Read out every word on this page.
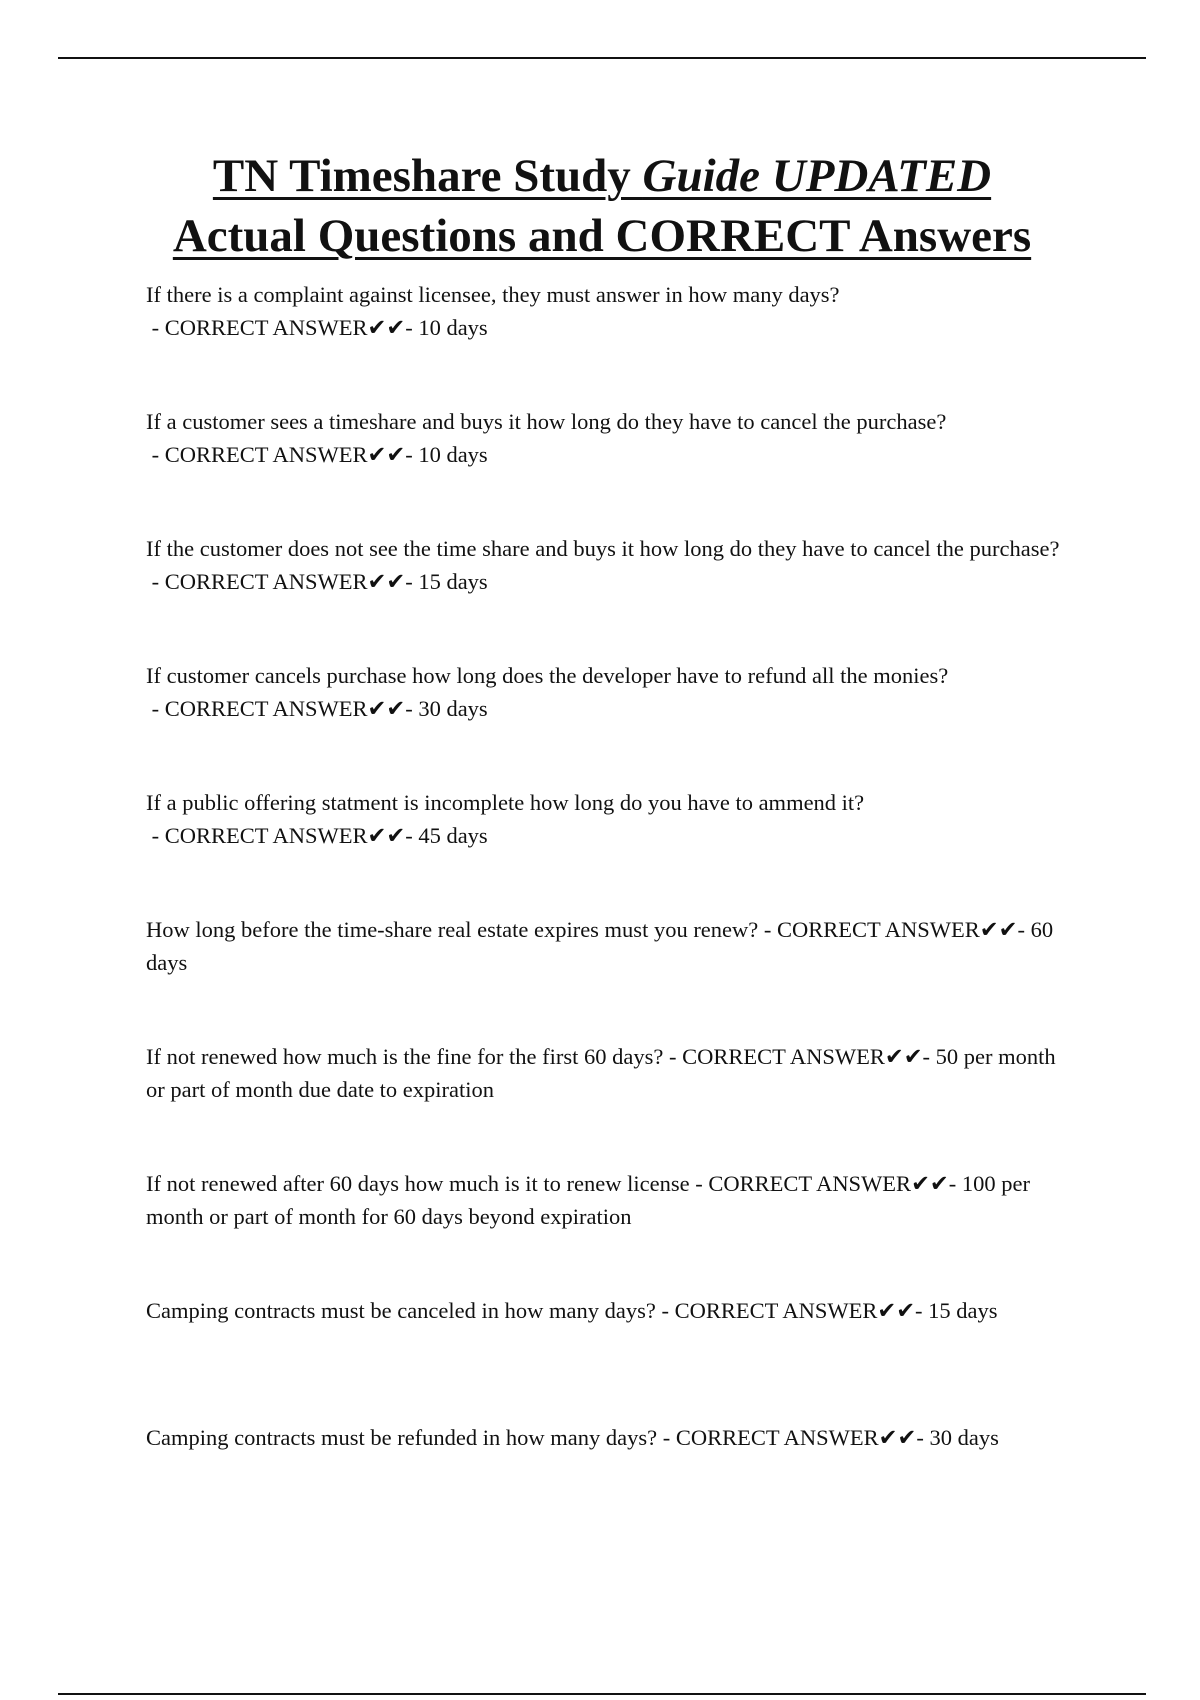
TN Timeshare Study Guide UPDATED
Actual Questions and CORRECT Answers
If there is a complaint against licensee, they must answer in how many days? - CORRECT ANSWER✔✔- 10 days
If a customer sees a timeshare and buys it how long do they have to cancel the purchase? - CORRECT ANSWER✔✔- 10 days
If the customer does not see the time share and buys it how long do they have to cancel the purchase? - CORRECT ANSWER✔✔- 15 days
If customer cancels purchase how long does the developer have to refund all the monies? - CORRECT ANSWER✔✔- 30 days
If a public offering statment is incomplete how long do you have to ammend it? - CORRECT ANSWER✔✔- 45 days
How long before the time-share real estate expires must you renew? - CORRECT ANSWER✔✔- 60 days
If not renewed how much is the fine for the first 60 days? - CORRECT ANSWER✔✔- 50 per month or part of month due date to expiration
If not renewed after 60 days how much is it to renew license - CORRECT ANSWER✔✔- 100 per month or part of month for 60 days beyond expiration
Camping contracts must be canceled in how many days? - CORRECT ANSWER✔✔- 15 days
Camping contracts must be refunded in how many days? - CORRECT ANSWER✔✔- 30 days
